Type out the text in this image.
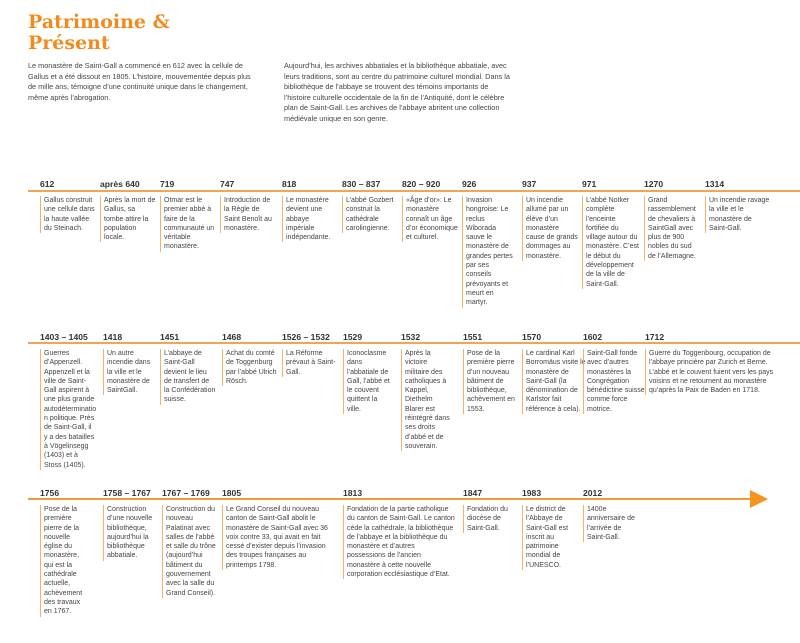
Patrimoine &
Présent

Le monastère de Saint-Gall a commencé en 612 avec la cellule de Gallus et a été dissout en 1805. L’histoire, mouvementée depuis plus de mille ans, témoigne d’une continuité unique dans le changement, même après l’abrogation.

Aujourd’hui, les archives abbatiales et la bibliothèque abbatiale, avec leurs traditions, sont au centre du patrimoine culturel mondial. Dans la bibliothèque de l’abbaye se trouvent des témoins importants de l’histoire culturelle occidentale de la fin de l’Antiquité, dont le célèbre plan de Saint-Gall. Les archives de l’abbaye abritent une collection médiévale unique en son genre.

612
Gallus construit une cellule dans la haute vallée du Steinach.
après 640
Après la mort de Gallus, sa tombe attire la population locale.
719
Otmar est le premier abbé à faire de la communauté un véritable monastère.
747
Introduction de la Règle de Saint Benoît au monastère.
818
Le monastère devient une abbaye impériale indépendante.
830 – 837
L’abbé Gozbert construit la cathédrale carolingienne.
820 – 920
«Âge d’or»: Le monastère connaît un âge d’or économique et culturel.
926
Invasion hongroise: Le reclus Wiborada sauve le monastère de grandes pertes par ses conseils prévoyants et meurt en martyr.
937
Un incendie allumé par un élève d’un monastère cause de grands dommages au monastère.
971
L’abbé Notker complète l’enceinte fortifiée du village autour du monastère. C’est le début du développement de la ville de Saint-Gall.
1270
Grand rassemblement de chevaliers à SaintGall avec plus de 900 nobles du sud de l’Allemagne.
1314
Un incendie ravage la ville et le monastère de Saint-Gall.
1403 – 1405
Guerres d’Appenzell. Appenzell et la ville de Saint-Gall aspirent à une plus grande autodéterminatio n politique. Près de Saint-Gall, il y a des batailles à Vögelinsegg (1403) et à Stoss (1405).
1418
Un autre incendie dans la ville et le monastère de SaintGall.
1451
L’abbaye de Saint-Gall devient le lieu de transfert de la Confédération suisse.
1468
Achat du comté de Toggenburg par l’abbé Ulrich Rösch.
1526 – 1532
La Réforme prévaut à Saint-Gall.
1529
Iconoclasme dans l’abbatiale de Gall, l’abbé et le couvent quittent la ville.
1532
Après la victoire militaire des catholiques à Kappel, Diethelm Blarer est réintégré dans ses droits d’abbé et de souverain.
1551
Pose de la première pierre d’un nouveau bâtiment de bibliothèque, achèvement en 1553.
1570
Le cardinal Karl Borromäus visite le monastère de Saint-Gall (la dénomination de Karlstor fait référence à cela).
1602
Saint-Gall fonde avec d’autres monastères la Congrégation bénédictine suisse comme force motrice.
1712
Guerre du Toggenbourg, occupation de l’abbaye princière par Zurich et Berne. L’abbé et le couvent fuient vers les pays voisins et ne retournent au monastère qu’après la Paix de Baden en 1718.
1756
Pose de la première pierre de la nouvelle église du monastère, qui est la cathédrale actuelle, achèvement des travaux en 1767.
1758 – 1767
Construction d’une nouvelle bibliothèque, aujourd’hui la bibliothèque abbatiale.
1767 – 1769
Construction du nouveau Palatinat avec salles de l’abbé et salle du trône (aujourd’hui bâtiment du gouvernement avec la salle du Grand Conseil).
1805
Le Grand Conseil du nouveau canton de Saint-Gall abolit le monastère de Saint-Gall avec 36 voix contre 33, qui avait en fait cessé d’exister depuis l’invasion des troupes françaises au printemps 1798.
1813
Fondation de la partie catholique du canton de Saint-Gall. Le canton cède la cathédrale, la bibliothèque de l’abbaye et la bibliothèque du monastère et d’autres possessions de l’ancien monastère à cette nouvelle corporation ecclésiastique d’Etat.
1847
Fondation du diocèse de Saint-Gall.
1983
Le district de l’Abbaye de Saint-Gall est inscrit au patrimoine mondial de l’UNESCO.
2012
1400e anniversaire de l’arrivée de Saint-Gall.
